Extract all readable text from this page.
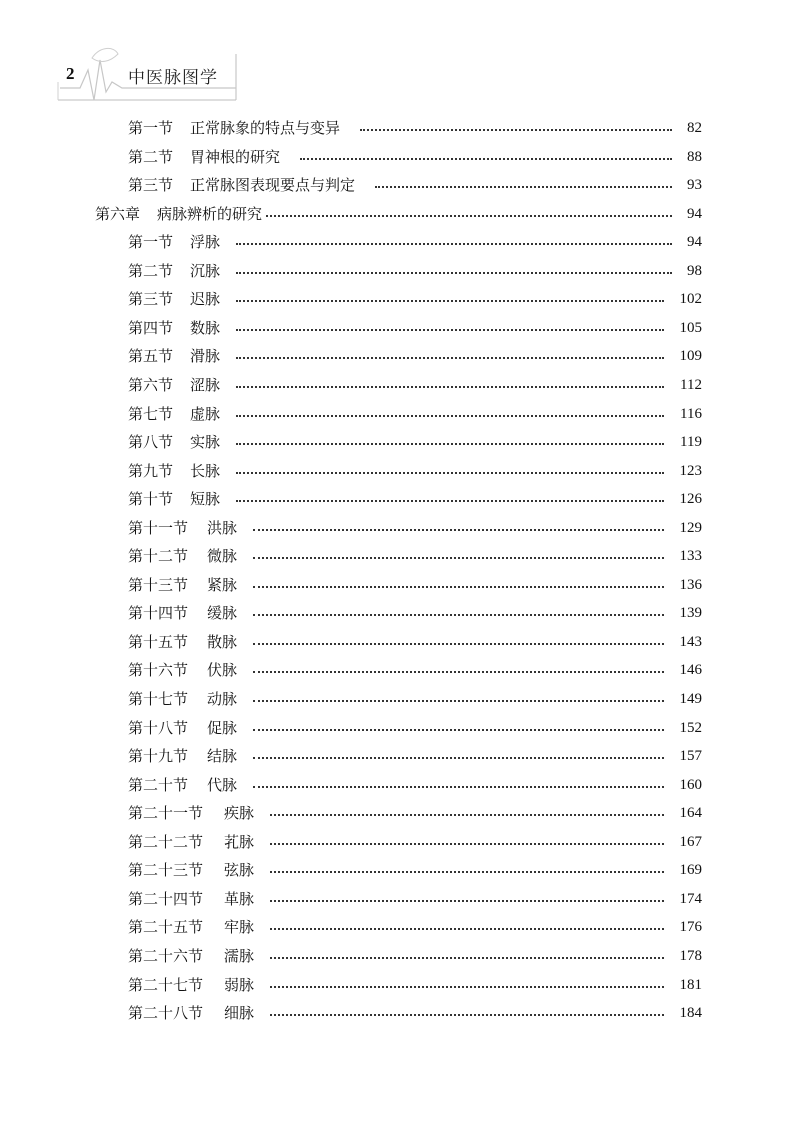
2	中医脉图学
第一节 正常脉象的特点与变异	82
第二节 胃神根的研究	88
第三节 正常脉图表现要点与判定	93
第六章 病脉辨析的研究	94
第一节 浮脉	94
第二节 沉脉	98
第三节 迟脉	102
第四节 数脉	105
第五节 滑脉	109
第六节 涩脉	112
第七节 虚脉	116
第八节 实脉	119
第九节 长脉	123
第十节 短脉	126
第十一节 洪脉	129
第十二节 微脉	133
第十三节 紧脉	136
第十四节 缓脉	139
第十五节 散脉	143
第十六节 伏脉	146
第十七节 动脉	149
第十八节 促脉	152
第十九节 结脉	157
第二十节 代脉	160
第二十一节 疾脉	164
第二十二节 芤脉	167
第二十三节 弦脉	169
第二十四节 革脉	174
第二十五节 牢脉	176
第二十六节 濡脉	178
第二十七节 弱脉	181
第二十八节 细脉	184
